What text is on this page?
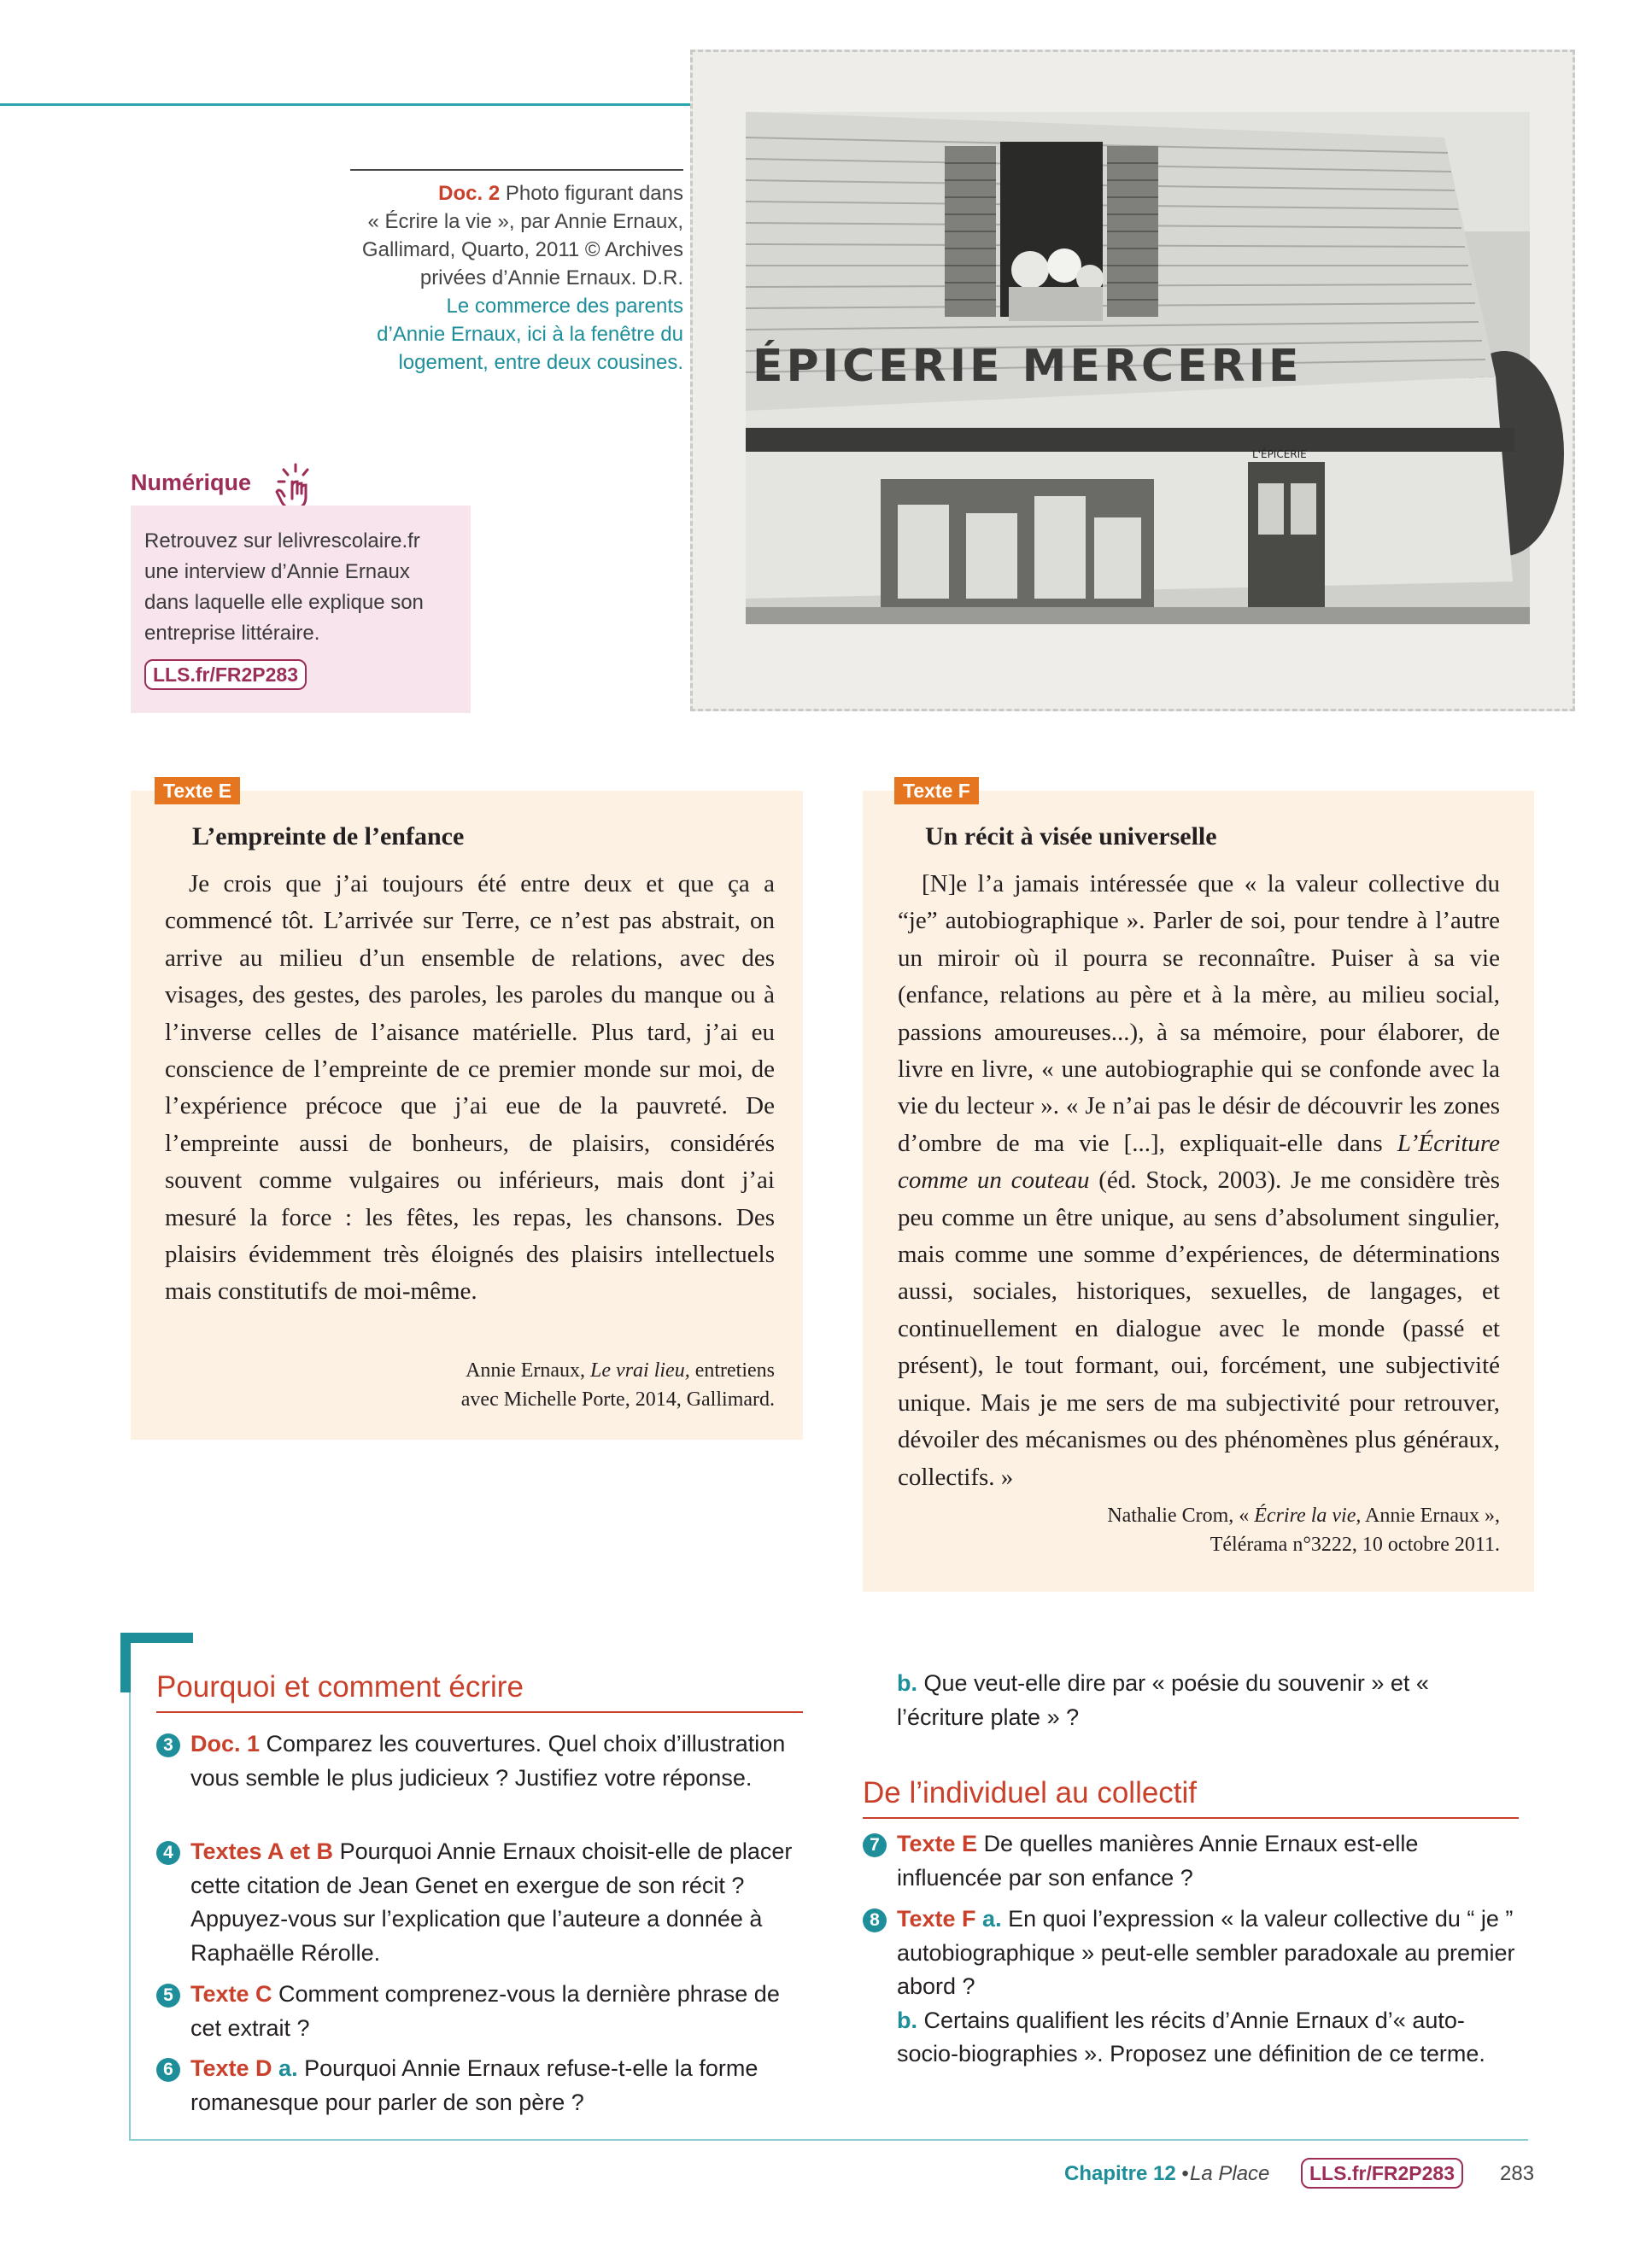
Doc. 2 Photo figurant dans
« Écrire la vie », par Annie Ernaux,
Gallimard, Quarto, 2011 © Archives
privées d’Annie Ernaux. D.R.
Le commerce des parents
d’Annie Ernaux, ici à la fenêtre du
logement, entre deux cousines. ÉPICERIE MERCERIE
L'ÉPICERIE
Numérique
Retrouvez sur lelivrescolaire.fr
une interview d’Annie Ernaux
dans laquelle elle explique son
entreprise littéraire.
LLS.fr/FR2P283
Texte E
L’empreinte de l’enfance
Je crois que j’ai toujours été entre deux et que ça a commencé tôt. L’arrivée sur Terre, ce n’est pas abstrait, on arrive au milieu d’un ensemble de relations, avec des visages, des gestes, des paroles, les paroles du manque ou à l’inverse celles de l’aisance matérielle. Plus tard, j’ai eu conscience de l’empreinte de ce premier monde sur moi, de l’expérience précoce que j’ai eue de la pauvreté. De l’empreinte aussi de bonheurs, de plaisirs, considérés souvent comme vulgaires ou inférieurs, mais dont j’ai mesuré la force : les fêtes, les repas, les chansons. Des plaisirs évidemment très éloignés des plaisirs intellectuels mais constitutifs de moi-même.
Annie Ernaux, Le vrai lieu, entretiens
avec Michelle Porte, 2014, Gallimard.
Texte F
Un récit à visée universelle
[N]e l’a jamais intéressée que « la valeur collective du “je” autobiographique ». Parler de soi, pour tendre à l’autre un miroir où il pourra se reconnaître. Puiser à sa vie (enfance, relations au père et à la mère, au milieu social, passions amoureuses...), à sa mémoire, pour élaborer, de livre en livre, « une autobiographie qui se confonde avec la vie du lecteur ». « Je n’ai pas le désir de découvrir les zones d’ombre de ma vie [...], expliquait-elle dans L’Écriture comme un couteau (éd. Stock, 2003). Je me considère très peu comme un être unique, au sens d’absolument singulier, mais comme une somme d’expériences, de déterminations aussi, sociales, historiques, sexuelles, de langages, et continuellement en dialogue avec le monde (passé et présent), le tout formant, oui, forcément, une subjectivité unique. Mais je me sers de ma subjectivité pour retrouver, dévoiler des mécanismes ou des phénomènes plus généraux, collectifs. »
Nathalie Crom, « Écrire la vie, Annie Ernaux »,
Télérama n°3222, 10 octobre 2011.
Pourquoi et comment écrire
3 Doc. 1 Comparez les couvertures. Quel choix d’illustration vous semble le plus judicieux ? Justifiez votre réponse.
4 Textes A et B Pourquoi Annie Ernaux choisit-elle de placer cette citation de Jean Genet en exergue de son récit ? Appuyez-vous sur l’explication que l’auteure a donnée à Raphaëlle Rérolle.
5 Texte C Comment comprenez-vous la dernière phrase de cet extrait ?
6 Texte D a. Pourquoi Annie Ernaux refuse-t-elle la forme romanesque pour parler de son père ?
b. Que veut-elle dire par « poésie du souvenir » et « l’écriture plate » ?
De l’individuel au collectif
7 Texte E De quelles manières Annie Ernaux est-elle influencée par son enfance ?
8 Texte F a. En quoi l’expression « la valeur collective du “ je ” autobiographique » peut-elle sembler paradoxale au premier abord ?
b. Certains qualifient les récits d’Annie Ernaux d’« auto-socio-biographies ». Proposez une définition de ce terme.
Chapitre 12 • La Place	LLS.fr/FR2P283	283
